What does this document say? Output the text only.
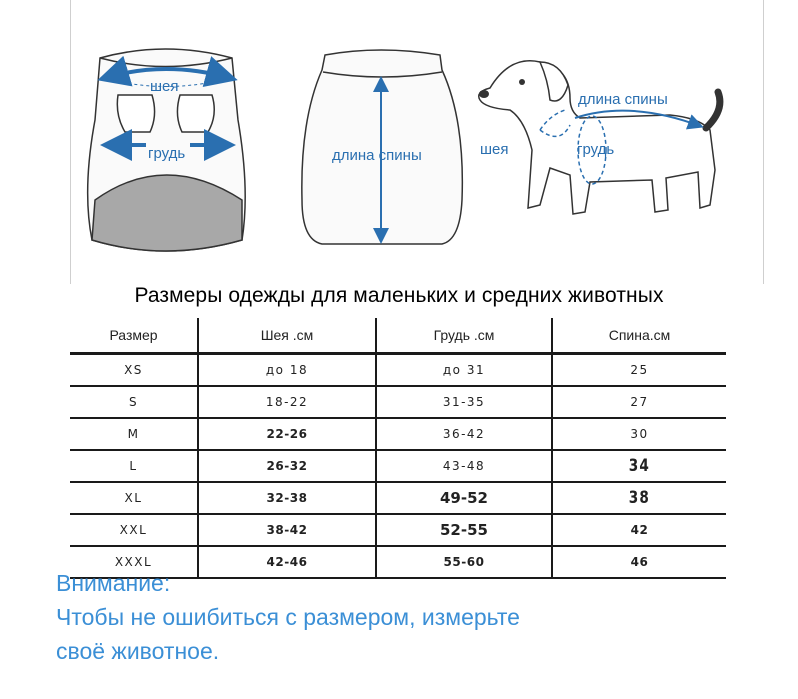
шея
грудь	длина спины
длина спины
шея	грудь
Размеры одежды для маленьких и средних животных
Размер	Шея .см	Грудь .см	Спина.см
XS	до 18	до 31	25
S	18-22	31-35	27
M	22-26	36-42	30
L	26-32	43-48	34
XL	32-38	49-52	38
XXL	38-42	52-55	42
XXXL	42-46	55-60	46
Внимание:
Чтобы не ошибиться с размером, измерьте
своё животное.
